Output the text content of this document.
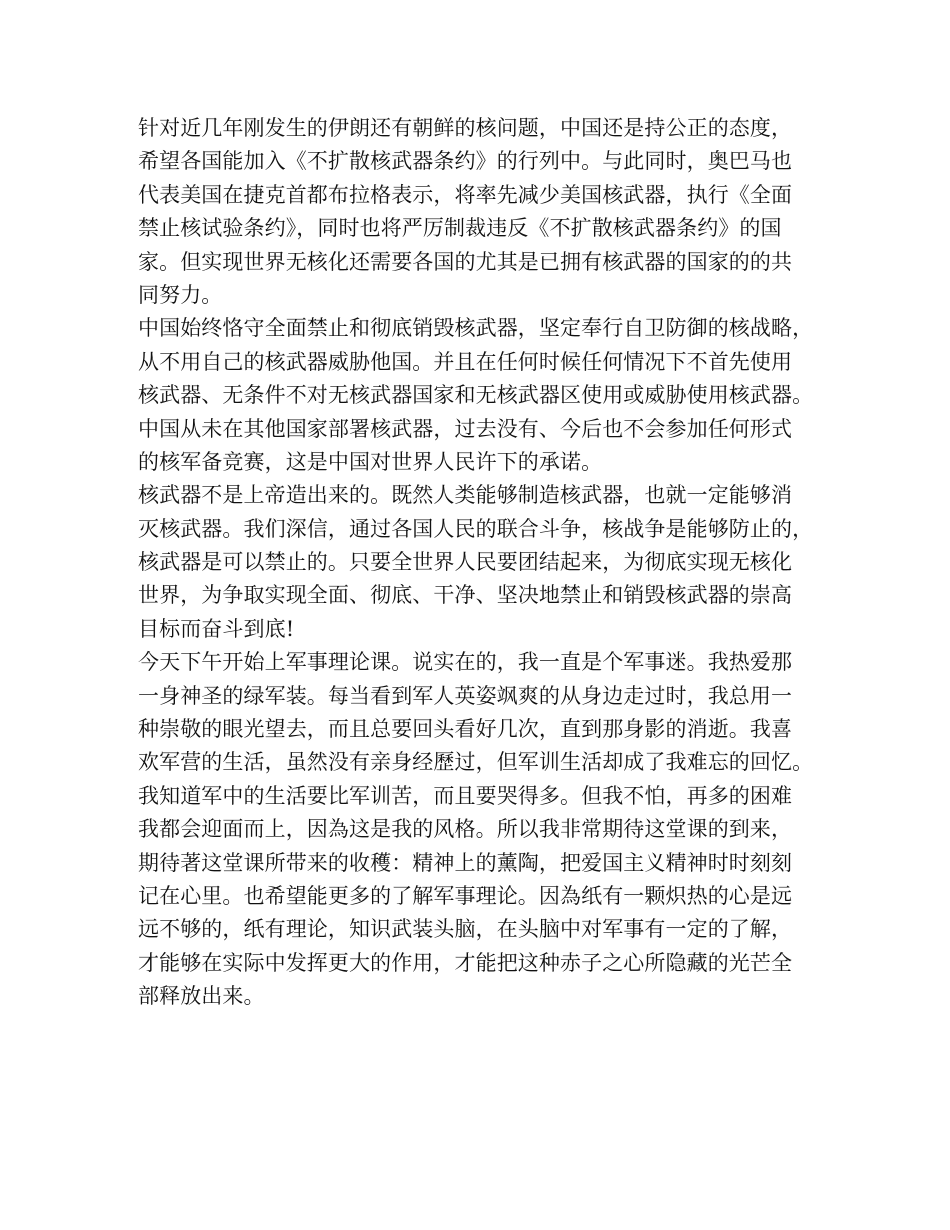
针对近几年刚发生的伊朗还有朝鲜的核问题，中国还是持公正的态度，
希望各国能加入《不扩散核武器条约》的行列中。与此同时，奥巴马也
代表美国在捷克首都布拉格表示，将率先减少美国核武器，执行《全面
禁止核试验条约》，同时也将严厉制裁违反《不扩散核武器条约》的国
家。但实现世界无核化还需要各国的尤其是已拥有核武器的国家的的共
同努力。
中国始终恪守全面禁止和彻底销毁核武器，坚定奉行自卫防御的核战略，
从不用自己的核武器威胁他国。并且在任何时候任何情况下不首先使用
核武器、无条件不对无核武器国家和无核武器区使用或威胁使用核武器。
中国从未在其他国家部署核武器，过去没有、今后也不会参加任何形式
的核军备竞赛，这是中国对世界人民许下的承诺。
核武器不是上帝造出来的。既然人类能够制造核武器，也就一定能够消
灭核武器。我们深信，通过各国人民的联合斗争，核战争是能够防止的，
核武器是可以禁止的。只要全世界人民要团结起来，为彻底实现无核化
世界，为争取实现全面、彻底、干净、坚决地禁止和销毁核武器的崇高
目标而奋斗到底!
今天下午开始上军事理论课。说实在的，我一直是个军事迷。我热爱那
一身神圣的绿军装。每当看到军人英姿飒爽的从身边走过时，我总用一
种崇敬的眼光望去，而且总要回头看好几次，直到那身影的消逝。我喜
欢军营的生活，虽然没有亲身经歷过，但军训生活却成了我难忘的回忆。
我知道军中的生活要比军训苦，而且要哭得多。但我不怕，再多的困难
我都会迎面而上，因為这是我的风格。所以我非常期待这堂课的到来，
期待著这堂课所带来的收穫：精神上的薰陶，把爱国主义精神时时刻刻
记在心里。也希望能更多的了解军事理论。因為纸有一颗炽热的心是远
远不够的，纸有理论，知识武装头脑，在头脑中对军事有一定的了解，
才能够在实际中发挥更大的作用，才能把这种赤子之心所隐藏的光芒全
部释放出来。
